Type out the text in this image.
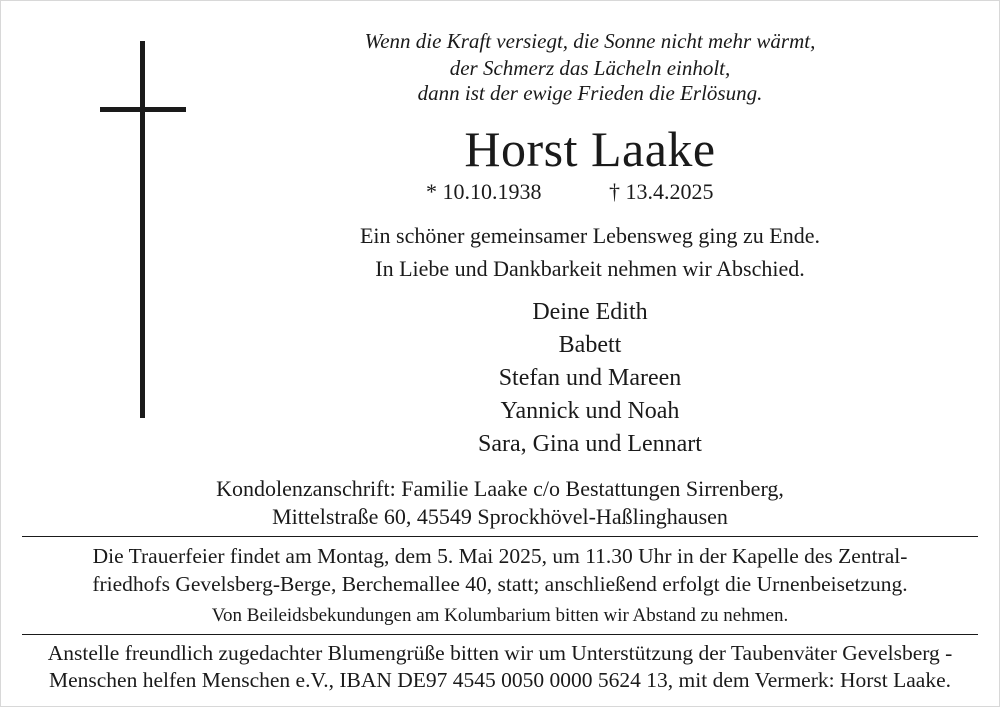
Wenn die Kraft versiegt, die Sonne nicht mehr wärmt,
der Schmerz das Lächeln einholt,
dann ist der ewige Frieden die Erlösung.
Horst Laake
* 10.10.1938	† 13.4.2025
Ein schöner gemeinsamer Lebensweg ging zu Ende.
In Liebe und Dankbarkeit nehmen wir Abschied.
Deine Edith
Babett
Stefan und Mareen
Yannick und Noah
Sara, Gina und Lennart
Kondolenzanschrift: Familie Laake c/o Bestattungen Sirrenberg,
Mittelstraße 60, 45549 Sprockhövel-Haßlinghausen
Die Trauerfeier findet am Montag, dem 5. Mai 2025, um 11.30 Uhr in der Kapelle des Zentral-
friedhofs Gevelsberg-Berge, Berchemallee 40, statt; anschließend erfolgt die Urnenbeisetzung.
Von Beileidsbekundungen am Kolumbarium bitten wir Abstand zu nehmen.
Anstelle freundlich zugedachter Blumengrüße bitten wir um Unterstützung der Taubenväter Gevelsberg -
Menschen helfen Menschen e.V., IBAN DE97 4545 0050 0000 5624 13, mit dem Vermerk: Horst Laake.
